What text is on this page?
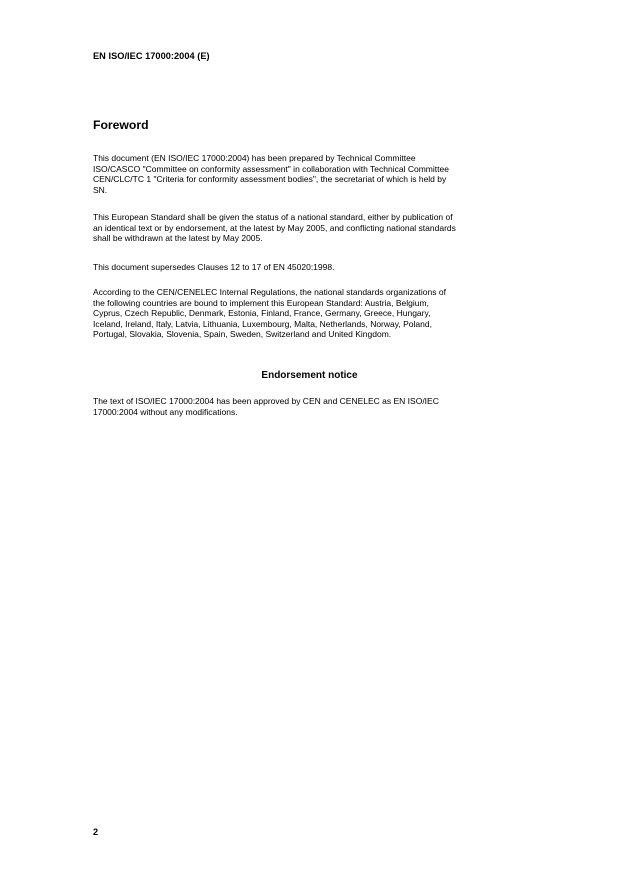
EN ISO/IEC 17000:2004 (E)
Foreword
This document (EN ISO/IEC 17000:2004) has been prepared by Technical Committee
ISO/CASCO "Committee on conformity assessment" in collaboration with Technical Committee
CEN/CLC/TC 1 "Criteria for conformity assessment bodies", the secretariat of which is held by
SN.
This European Standard shall be given the status of a national standard, either by publication of
an identical text or by endorsement, at the latest by May 2005, and conflicting national standards
shall be withdrawn at the latest by May 2005.
This document supersedes Clauses 12 to 17 of EN 45020:1998.
According to the CEN/CENELEC Internal Regulations, the national standards organizations of
the following countries are bound to implement this European Standard: Austria, Belgium,
Cyprus, Czech Republic, Denmark, Estonia, Finland, France, Germany, Greece, Hungary,
Iceland, Ireland, Italy, Latvia, Lithuania, Luxembourg, Malta, Netherlands, Norway, Poland,
Portugal, Slovakia, Slovenia, Spain, Sweden, Switzerland and United Kingdom.
Endorsement notice
The text of ISO/IEC 17000:2004 has been approved by CEN and CENELEC as EN ISO/IEC
17000:2004 without any modifications.
2
